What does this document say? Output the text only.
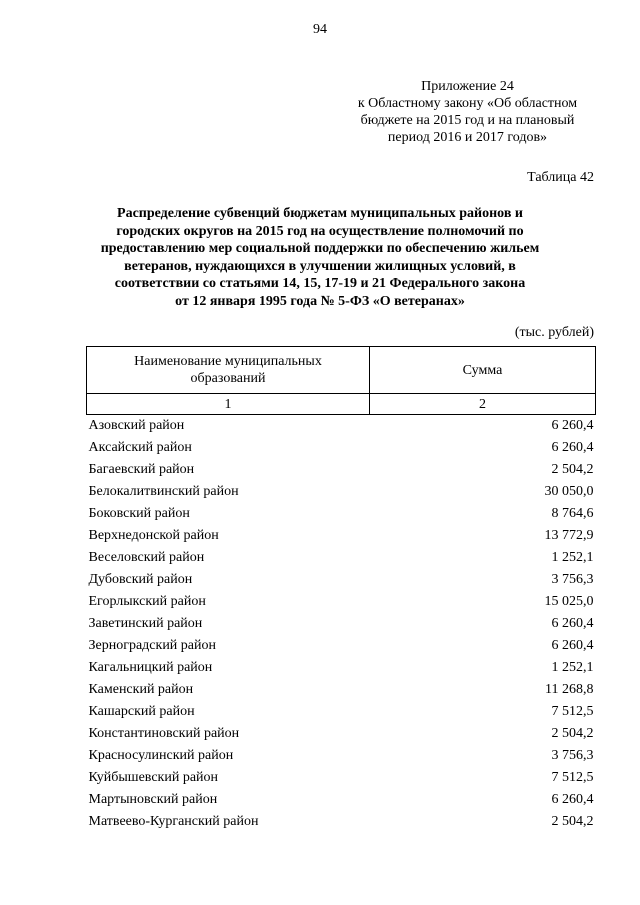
94
Приложение 24
к Областному закону «Об областном
бюджете на 2015 год и на плановый
период 2016 и 2017 годов»
Таблица 42
Распределение субвенций бюджетам муниципальных районов и
городских округов на 2015 год на осуществление полномочий по
предоставлению мер социальной поддержки по обеспечению жильем
ветеранов, нуждающихся в улучшении жилищных условий, в
соответствии со статьями 14, 15, 17-19 и 21 Федерального закона
от 12 января 1995 года № 5-ФЗ «О ветеранах»
(тыс. рублей)
Наименование муниципальных
образований	Сумма
1	2
Азовский район	6 260,4
Аксайский район	6 260,4
Багаевский район	2 504,2
Белокалитвинский район	30 050,0
Боковский район	8 764,6
Верхнедонской район	13 772,9
Веселовский район	1 252,1
Дубовский район	3 756,3
Егорлыкский район	15 025,0
Заветинский район	6 260,4
Зерноградский район	6 260,4
Кагальницкий район	1 252,1
Каменский район	11 268,8
Кашарский район	7 512,5
Константиновский район	2 504,2
Красносулинский район	3 756,3
Куйбышевский район	7 512,5
Мартыновский район	6 260,4
Матвеево-Курганский район	2 504,2
